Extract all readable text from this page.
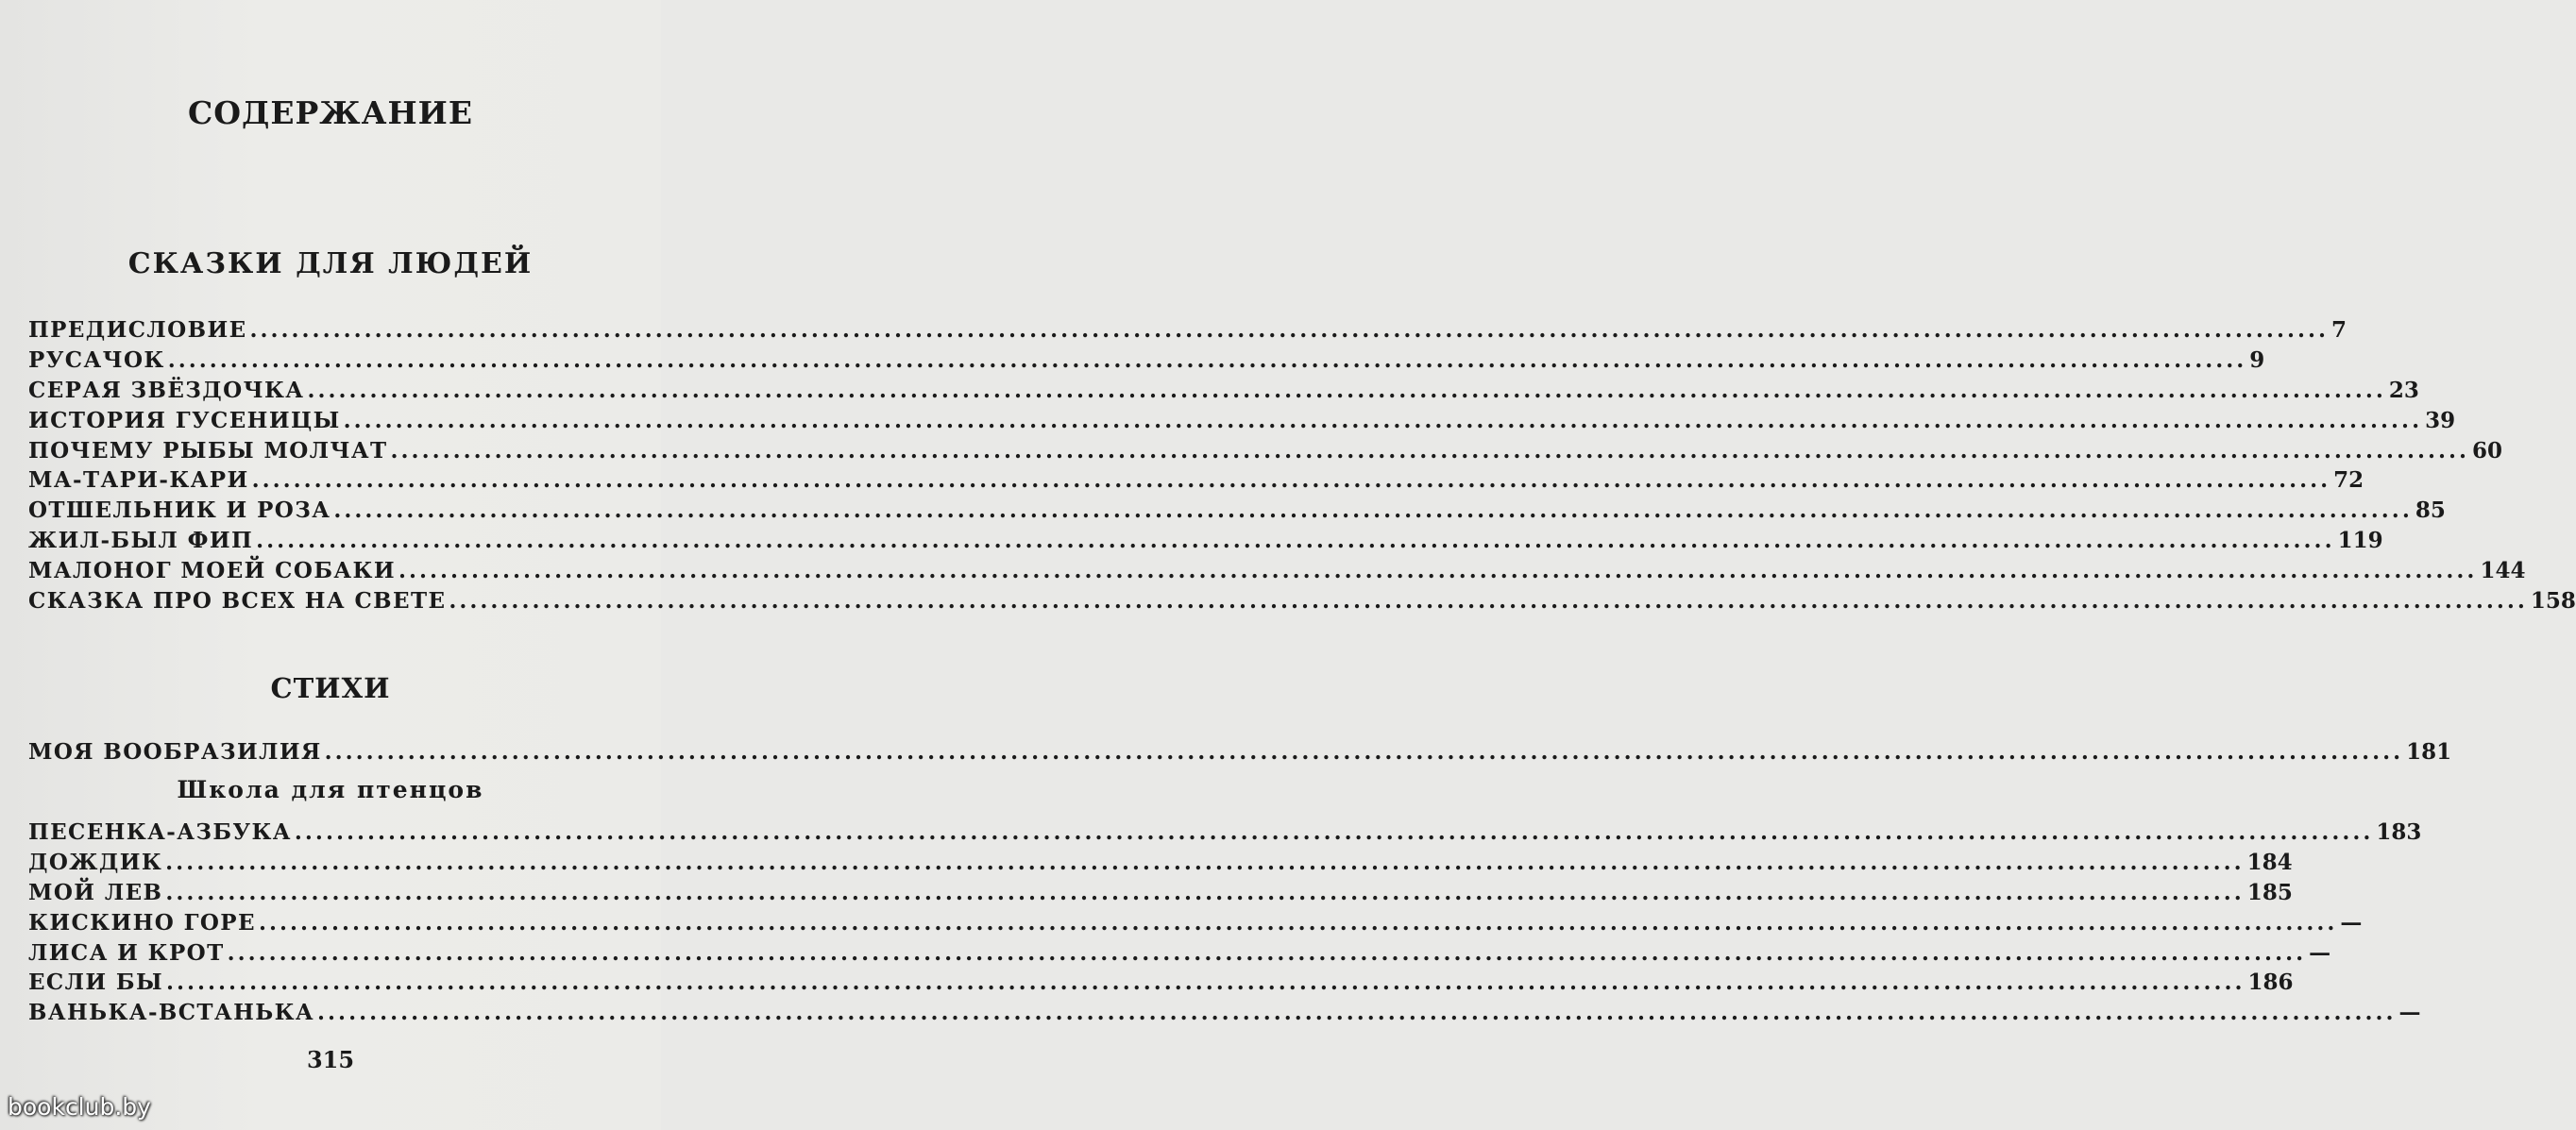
СОДЕРЖАНИЕ
СКАЗКИ ДЛЯ ЛЮДЕЙ
ПРЕДИСЛОВИЕ ........................................................................................................................................................................................................ 7
РУСАЧОК ........................................................................................................................................................................................................ 9
СЕРАЯ ЗВЁЗДОЧКА ........................................................................................................................................................................................................ 23
ИСТОРИЯ ГУСЕНИЦЫ ........................................................................................................................................................................................................ 39
ПОЧЕМУ РЫБЫ МОЛЧАТ ........................................................................................................................................................................................................ 60
МА-ТАРИ-КАРИ ........................................................................................................................................................................................................ 72
ОТШЕЛЬНИК И РОЗА ........................................................................................................................................................................................................ 85
ЖИЛ-БЫЛ ФИП ........................................................................................................................................................................................................ 119
МАЛОНОГ МОЕЙ СОБАКИ ........................................................................................................................................................................................................ 144
СКАЗКА ПРО ВСЕХ НА СВЕТЕ ........................................................................................................................................................................................................ 158
СТИХИ
МОЯ ВООБРАЗИЛИЯ ........................................................................................................................................................................................................ 181
Школа для птенцов
ПЕСЕНКА-АЗБУКА ........................................................................................................................................................................................................ 183
ДОЖДИК ........................................................................................................................................................................................................ 184
МОЙ ЛЕВ ........................................................................................................................................................................................................ 185
КИСКИНО ГОРЕ ........................................................................................................................................................................................................ —
ЛИСА И КРОТ ........................................................................................................................................................................................................ —
ЕСЛИ БЫ ........................................................................................................................................................................................................ 186
ВАНЬКА-ВСТАНЬКА ........................................................................................................................................................................................................ —
315
bookclub.by
